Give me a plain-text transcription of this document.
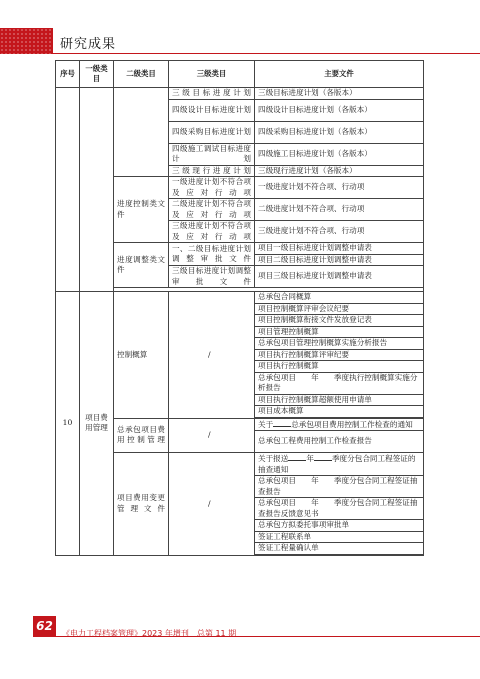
研究成果
序号	一级类目	二级类目	三级类目	主要文件
			三级目标进度计划	三级目标进度计划（各版本）
			四级设计目标进度计划	四级设计目标进度计划（各版本）
			四级采购目标进度计划	四级采购目标进度计划（各版本）
			四级施工调试目标进度计划	四级施工目标进度计划（各版本）
			三级现行进度计划	三级现行进度计划（各版本）
		进度控制类文件	一级进度计划不符合项及应对行动项	一级进度计划不符合项、行动项
			二级进度计划不符合项及应对行动项	二级进度计划不符合项、行动项
			三级进度计划不符合项及应对行动项	三级进度计划不符合项、行动项
		进度调整类文件	一、二级目标进度计划调整审批文件	项目一级目标进度计划调整申请表
				项目二级目标进度计划调整申请表
			三级目标进度计划调整审批文件	项目三级目标进度计划调整申请表

10	项目费用管理	控制概算	/	总承包合同概算
				项目控制概算评审会议纪要
				项目控制概算衔接文件发放登记表
				项目管理控制概算
				总承包项目管理控制概算实施分析报告
				项目执行控制概算评审纪要
				项目执行控制概算
				总承包项目　　年　　季度执行控制概算实施分析报告
				项目执行控制概算超额使用申请单
				项目成本概算

		总承包项目费用控制管理	/	关于 总承包项目费用控制工作检查的通知
				总承包工程费用控制工作检查报告
		项目费用变更管理文件	/	关于报送 年 季度分包合同工程签证的抽查通知
				总承包项目　　年　　季度分包合同工程签证抽查报告
				总承包项目　　年　　季度分包合同工程签证抽查报告反馈意见书
				总承包方拟委托事项审批单
				签证工程联系单
				签证工程量确认单

62
《电力工程档案管理》2023 年增刊　总第 11 期
